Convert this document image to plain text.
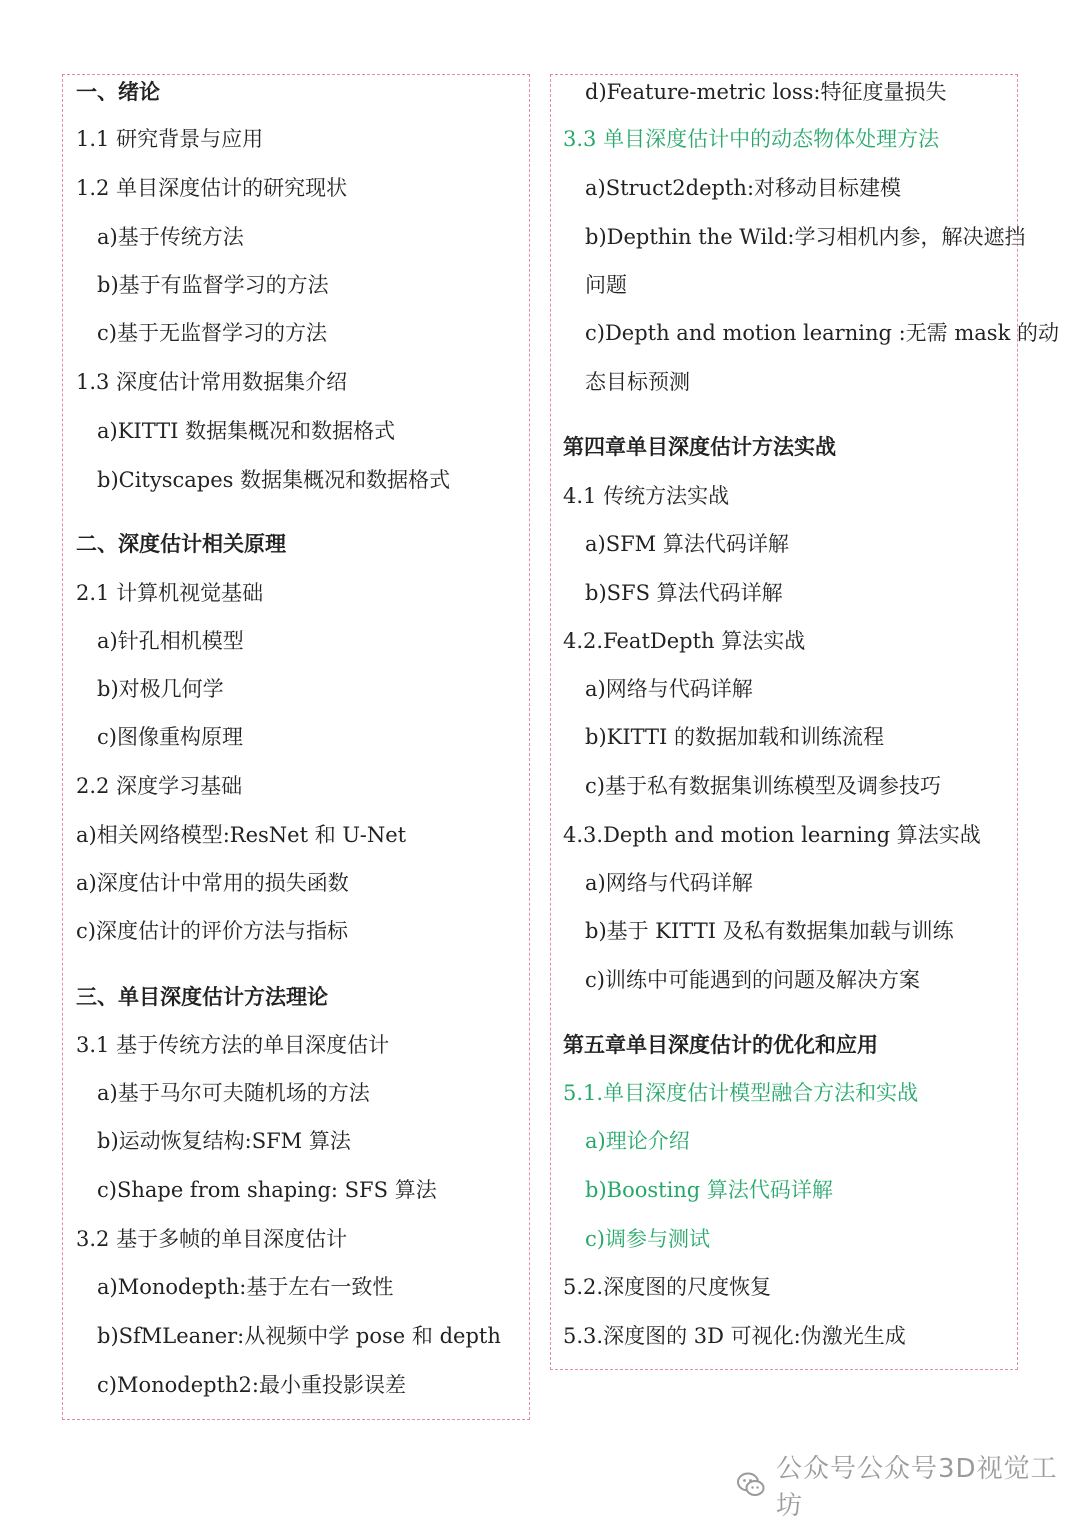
一、绪论
1.1 研究背景与应用
1.2 单目深度估计的研究现状
a)基于传统方法
b)基于有监督学习的方法
c)基于无监督学习的方法
1.3 深度估计常用数据集介绍
a)KITTI 数据集概况和数据格式
b)Cityscapes 数据集概况和数据格式
二、深度估计相关原理
2.1 计算机视觉基础
a)针孔相机模型
b)对极几何学
c)图像重构原理
2.2 深度学习基础
a)相关网络模型:ResNet 和 U-Net
a)深度估计中常用的损失函数
c)深度估计的评价方法与指标
三、单目深度估计方法理论
3.1 基于传统方法的单目深度估计
a)基于马尔可夫随机场的方法
b)运动恢复结构:SFM 算法
c)Shape from shaping: SFS 算法
3.2 基于多帧的单目深度估计
a)Monodepth:基于左右一致性
b)SfMLeaner:从视频中学 pose 和 depth
c)Monodepth2:最小重投影误差
d)Feature-metric loss:特征度量损失
3.3 单目深度估计中的动态物体处理方法
a)Struct2depth:对移动目标建模
b)Depthin the Wild:学习相机内参，解决遮挡
问题
c)Depth and motion learning :无需 mask 的动
态目标预测
第四章单目深度估计方法实战
4.1 传统方法实战
a)SFM 算法代码详解
b)SFS 算法代码详解
4.2.FeatDepth 算法实战
a)网络与代码详解
b)KITTI 的数据加载和训练流程
c)基于私有数据集训练模型及调参技巧
4.3.Depth and motion learning 算法实战
a)网络与代码详解
b)基于 KITTI 及私有数据集加载与训练
c)训练中可能遇到的问题及解决方案
第五章单目深度估计的优化和应用
5.1.单目深度估计模型融合方法和实战
a)理论介绍
b)Boosting 算法代码详解
c)调参与测试
5.2.深度图的尺度恢复
5.3.深度图的 3D 可视化:伪激光生成
公众号公众号3D视觉工坊
